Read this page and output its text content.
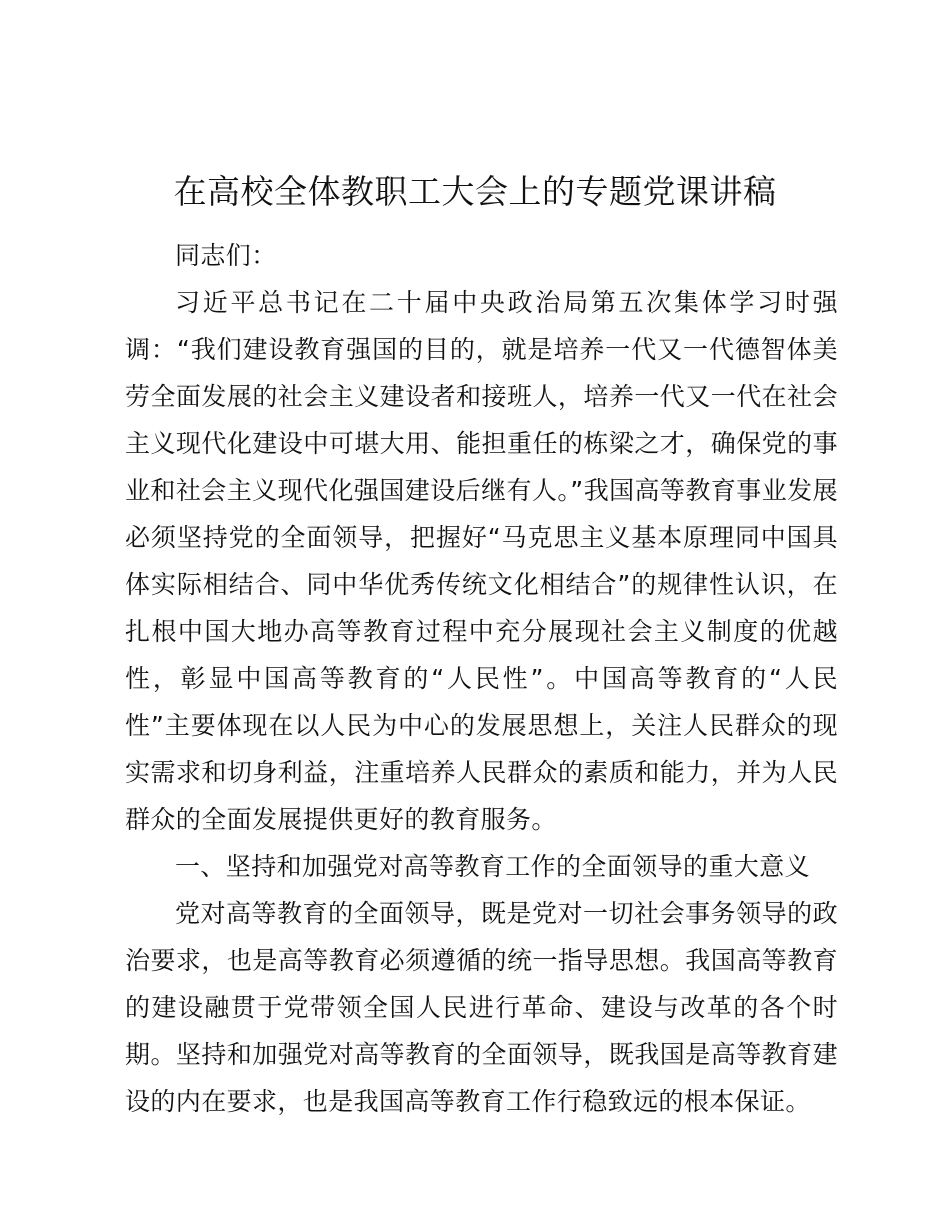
在高校全体教职工大会上的专题党课讲稿

同志们：

习近平总书记在二十届中央政治局第五次集体学习时强调：“我们建设教育强国的目的，就是培养一代又一代德智体美劳全面发展的社会主义建设者和接班人，培养一代又一代在社会主义现代化建设中可堪大用、能担重任的栋梁之才，确保党的事业和社会主义现代化强国建设后继有人。”我国高等教育事业发展必须坚持党的全面领导，把握好“马克思主义基本原理同中国具体实际相结合、同中华优秀传统文化相结合”的规律性认识，在扎根中国大地办高等教育过程中充分展现社会主义制度的优越性，彰显中国高等教育的“人民性”。中国高等教育的“人民性”主要体现在以人民为中心的发展思想上，关注人民群众的现实需求和切身利益，注重培养人民群众的素质和能力，并为人民群众的全面发展提供更好的教育服务。

一、坚持和加强党对高等教育工作的全面领导的重大意义

党对高等教育的全面领导，既是党对一切社会事务领导的政治要求，也是高等教育必须遵循的统一指导思想。我国高等教育的建设融贯于党带领全国人民进行革命、建设与改革的各个时期。坚持和加强党对高等教育的全面领导，既我国是高等教育建设的内在要求，也是我国高等教育工作行稳致远的根本保证。
